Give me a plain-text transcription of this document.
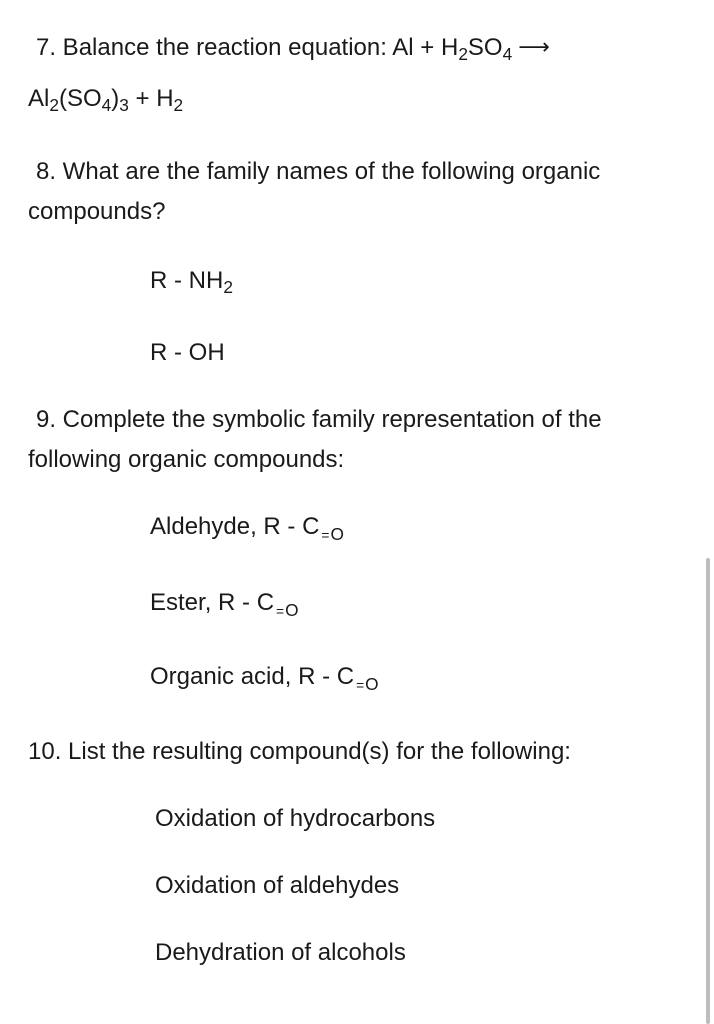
7. Balance the reaction equation: $Al + H_2SO_4$ ⟶
$Al_2(SO_4)_3 + H_2$
8. What are the family names of the following organic
compounds?
R - $NH_2$
R - OH
9. Complete the symbolic family representation of the
following organic compounds:
Aldehyde, R - C =O
Ester, R - C =O
Organic acid, R - C =O
10. List the resulting compound(s) for the following:
Oxidation of hydrocarbons
Oxidation of aldehydes
Dehydration of alcohols
